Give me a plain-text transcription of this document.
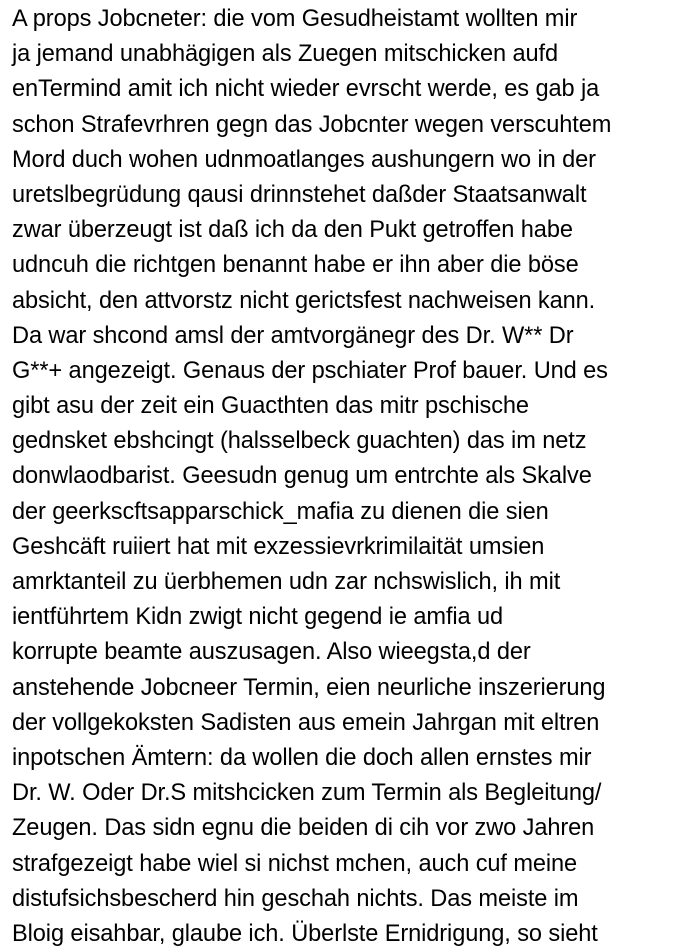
A props Jobcneter: die vom Gesudheistamt wollten mir
ja jemand unabhägigen als Zuegen mitschicken aufd
enTermind amit ich nicht wieder evrscht werde, es gab ja
schon Strafevrhren gegn das Jobcnter wegen verscuhtem
Mord duch wohen udnmoatlanges aushungern wo in der
uretslbegrüdung qausi drinnstehet daßder Staatsanwalt
zwar überzeugt ist daß ich da den Pukt getroffen habe
udncuh die richtgen benannt habe er ihn aber die böse
absicht, den attvorstz nicht gerictsfest nachweisen kann.
Da war shcond amsl der amtvorgänegr des Dr. W** Dr
G**+ angezeigt. Genaus der pschiater Prof bauer. Und es
gibt asu der zeit ein Guacthten das mitr pschische
gednsket ebshcingt (halsselbeck guachten) das im netz
donwlaodbarist. Geesudn genug um entrchte als Skalve
der geerkscftsapparschick_mafia zu dienen die sien
Geshcäft ruiiert hat mit exzessievrkrimilaität umsien
amrktanteil zu üerbhemen udn zar nchswislich, ih mit
ientführtem Kidn zwigt nicht gegend ie amfia ud
korrupte beamte auszusagen. Also wieegsta,d der
anstehende Jobcneer Termin, eien neurliche inszerierung
der vollgekoksten Sadisten aus emein Jahrgan mit eltren
inpotschen Ämtern: da wollen die doch allen ernstes mir
Dr. W. Oder Dr.S mitshcicken zum Termin als Begleitung/
Zeugen. Das sidn egnu die beiden di cih vor zwo Jahren
strafgezeigt habe wiel si nichst mchen, auch cuf meine
distufsichsbescherd hin geschah nichts. Das meiste im
Bloig eisahbar, glaube ich. Überlste Ernidrigung, so sieht
